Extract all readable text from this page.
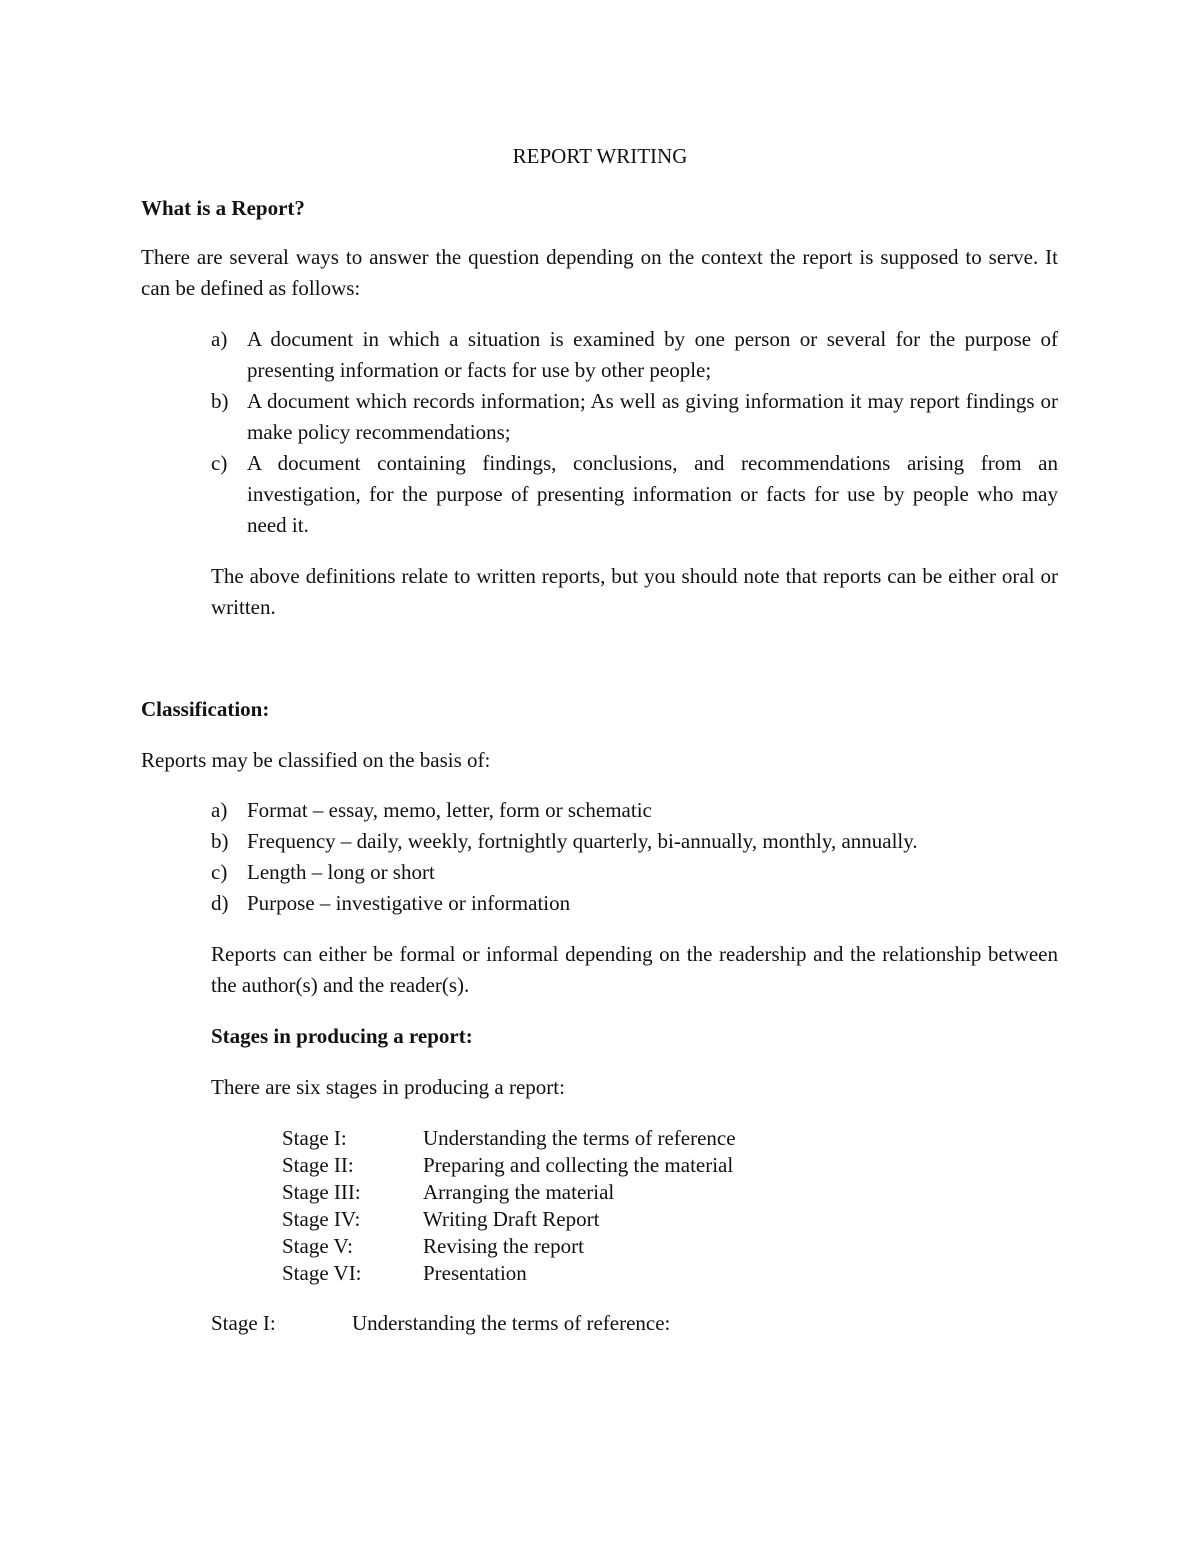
REPORT WRITING
What is a Report?
There are several ways to answer the question depending on the context the report is supposed to serve. It can be defined as follows:
a) A document in which a situation is examined by one person or several for the purpose of presenting information or facts for use by other people;
b) A document which records information; As well as giving information it may report findings or make policy recommendations;
c) A document containing findings, conclusions, and recommendations arising from an investigation, for the purpose of presenting information or facts for use by people who may need it.
The above definitions relate to written reports, but you should note that reports can be either oral or written.
Classification:
Reports may be classified on the basis of:
a) Format – essay, memo, letter, form or schematic
b) Frequency – daily, weekly, fortnightly quarterly, bi-annually, monthly, annually.
c) Length – long or short
d) Purpose – investigative or information
Reports can either be formal or informal depending on the readership and the relationship between the author(s) and the reader(s).
Stages in producing a report:
There are six stages in producing a report:
Stage I:	Understanding the terms of reference
Stage II:	Preparing and collecting the material
Stage III:	Arranging the material
Stage IV:	Writing Draft Report
Stage V:	Revising the report
Stage VI:	Presentation
Stage I:	Understanding the terms of reference:
